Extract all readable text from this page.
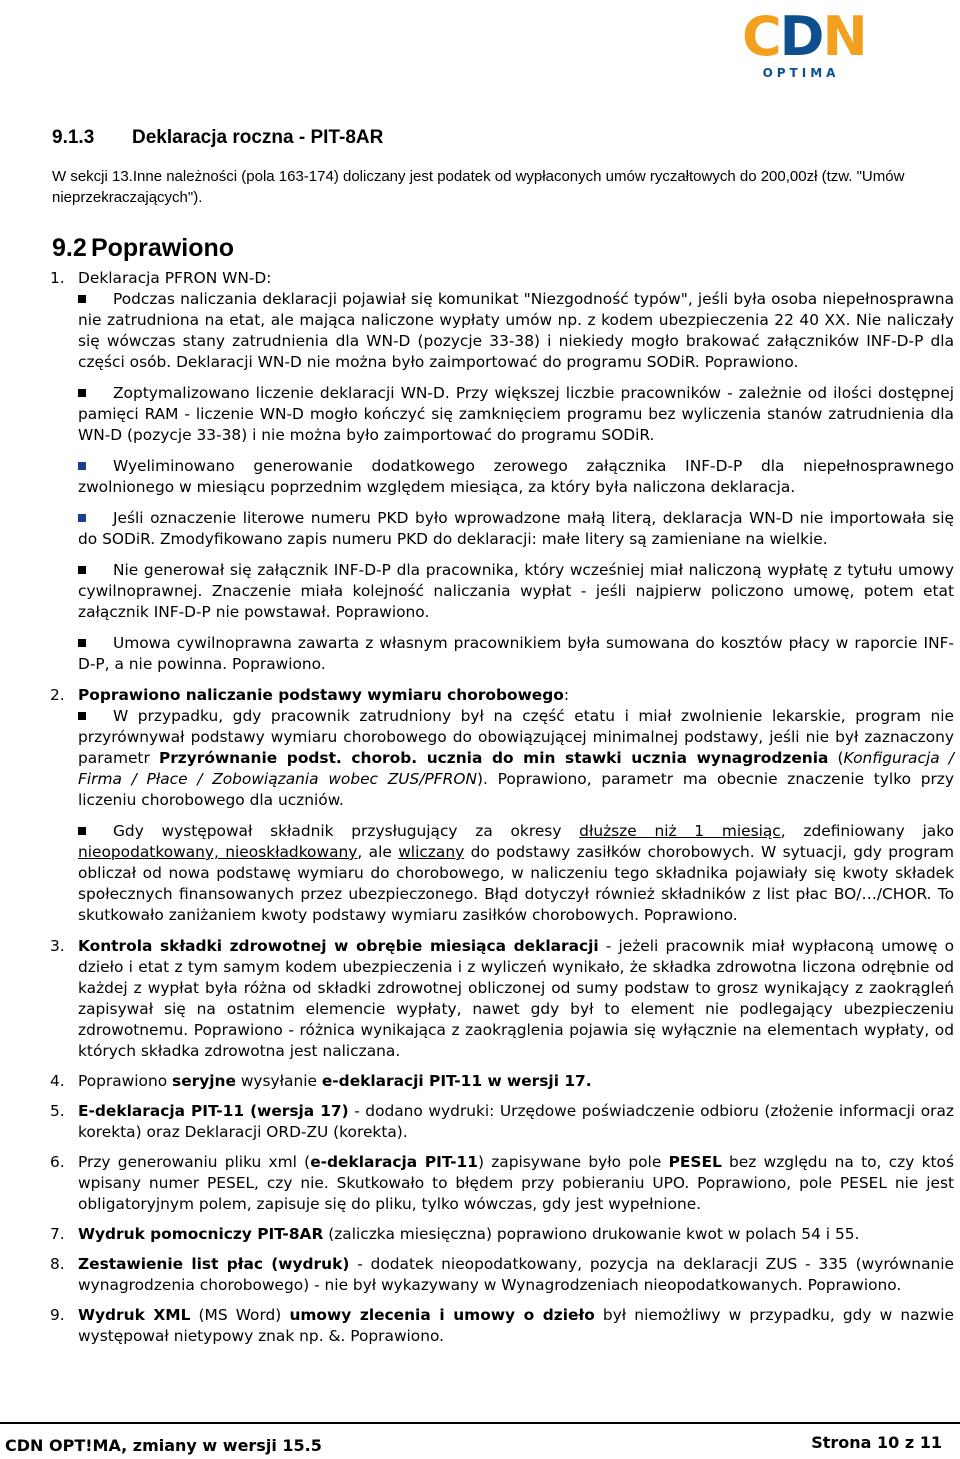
CDN
OPTIMA
9.1.3 Deklaracja roczna - PIT-8AR
W sekcji 13.Inne należności (pola 163-174) doliczany jest podatek od wypłaconych umów ryczałtowych do 200,00zł (tzw. "Umów nieprzekraczających").
9.2 Poprawiono
1. Deklaracja PFRON WN-D:
Podczas naliczania deklaracji pojawiał się komunikat "Niezgodność typów", jeśli była osoba niepełnosprawna nie zatrudniona na etat, ale mająca naliczone wypłaty umów np. z kodem ubezpieczenia 22 40 XX. Nie naliczały się wówczas stany zatrudnienia dla WN-D (pozycje 33-38) i niekiedy mogło brakować załączników INF-D-P dla części osób. Deklaracji WN-D nie można było zaimportować do programu SODiR. Poprawiono.
Zoptymalizowano liczenie deklaracji WN-D. Przy większej liczbie pracowników - zależnie od ilości dostępnej pamięci RAM - liczenie WN-D mogło kończyć się zamknięciem programu bez wyliczenia stanów zatrudnienia dla WN-D (pozycje 33-38) i nie można było zaimportować do programu SODiR.
Wyeliminowano generowanie dodatkowego zerowego załącznika INF-D-P dla niepełnosprawnego zwolnionego w miesiącu poprzednim względem miesiąca, za który była naliczona deklaracja.
Jeśli oznaczenie literowe numeru PKD było wprowadzone małą literą, deklaracja WN-D nie importowała się do SODiR. Zmodyfikowano zapis numeru PKD do deklaracji: małe litery są zamieniane na wielkie.
Nie generował się załącznik INF-D-P dla pracownika, który wcześniej miał naliczoną wypłatę z tytułu umowy cywilnoprawnej. Znaczenie miała kolejność naliczania wypłat - jeśli najpierw policzono umowę, potem etat załącznik INF-D-P nie powstawał. Poprawiono.
Umowa cywilnoprawna zawarta z własnym pracownikiem była sumowana do kosztów płacy w raporcie INF-D-P, a nie powinna. Poprawiono.
2. Poprawiono naliczanie podstawy wymiaru chorobowego:
W przypadku, gdy pracownik zatrudniony był na część etatu i miał zwolnienie lekarskie, program nie przyrównywał podstawy wymiaru chorobowego do obowiązującej minimalnej podstawy, jeśli nie był zaznaczony parametr Przyrównanie podst. chorob. ucznia do min stawki ucznia wynagrodzenia (Konfiguracja / Firma / Płace / Zobowiązania wobec ZUS/PFRON). Poprawiono, parametr ma obecnie znaczenie tylko przy liczeniu chorobowego dla uczniów.
Gdy występował składnik przysługujący za okresy dłuższe niż 1 miesiąc, zdefiniowany jako nieopodatkowany, nieoskładkowany, ale wliczany do podstawy zasiłków chorobowych. W sytuacji, gdy program obliczał od nowa podstawę wymiaru do chorobowego, w naliczeniu tego składnika pojawiały się kwoty składek społecznych finansowanych przez ubezpieczonego. Błąd dotyczył również składników z list płac BO/…/CHOR. To skutkowało zaniżaniem kwoty podstawy wymiaru zasiłków chorobowych. Poprawiono.
3. Kontrola składki zdrowotnej w obrębie miesiąca deklaracji - jeżeli pracownik miał wypłaconą umowę o dzieło i etat z tym samym kodem ubezpieczenia i z wyliczeń wynikało, że składka zdrowotna liczona odrębnie od każdej z wypłat była różna od składki zdrowotnej obliczonej od sumy podstaw to grosz wynikający z zaokrągleń zapisywał się na ostatnim elemencie wypłaty, nawet gdy był to element nie podlegający ubezpieczeniu zdrowotnemu. Poprawiono - różnica wynikająca z zaokrąglenia pojawia się wyłącznie na elementach wypłaty, od których składka zdrowotna jest naliczana.
4. Poprawiono seryjne wysyłanie e-deklaracji PIT-11 w wersji 17.
5. E-deklaracja PIT-11 (wersja 17) - dodano wydruki: Urzędowe poświadczenie odbioru (złożenie informacji oraz korekta) oraz Deklaracji ORD-ZU (korekta).
6. Przy generowaniu pliku xml (e-deklaracja PIT-11) zapisywane było pole PESEL bez względu na to, czy ktoś wpisany numer PESEL, czy nie. Skutkowało to błędem przy pobieraniu UPO. Poprawiono, pole PESEL nie jest obligatoryjnym polem, zapisuje się do pliku, tylko wówczas, gdy jest wypełnione.
7. Wydruk pomocniczy PIT-8AR (zaliczka miesięczna) poprawiono drukowanie kwot w polach 54 i 55.
8. Zestawienie list płac (wydruk) - dodatek nieopodatkowany, pozycja na deklaracji ZUS - 335 (wyrównanie wynagrodzenia chorobowego) - nie był wykazywany w Wynagrodzeniach nieopodatkowanych. Poprawiono.
9. Wydruk XML (MS Word) umowy zlecenia i umowy o dzieło był niemożliwy w przypadku, gdy w nazwie występował nietypowy znak np. &. Poprawiono.
CDN OPT!MA, zmiany w wersji 15.5	Strona 10 z 11
